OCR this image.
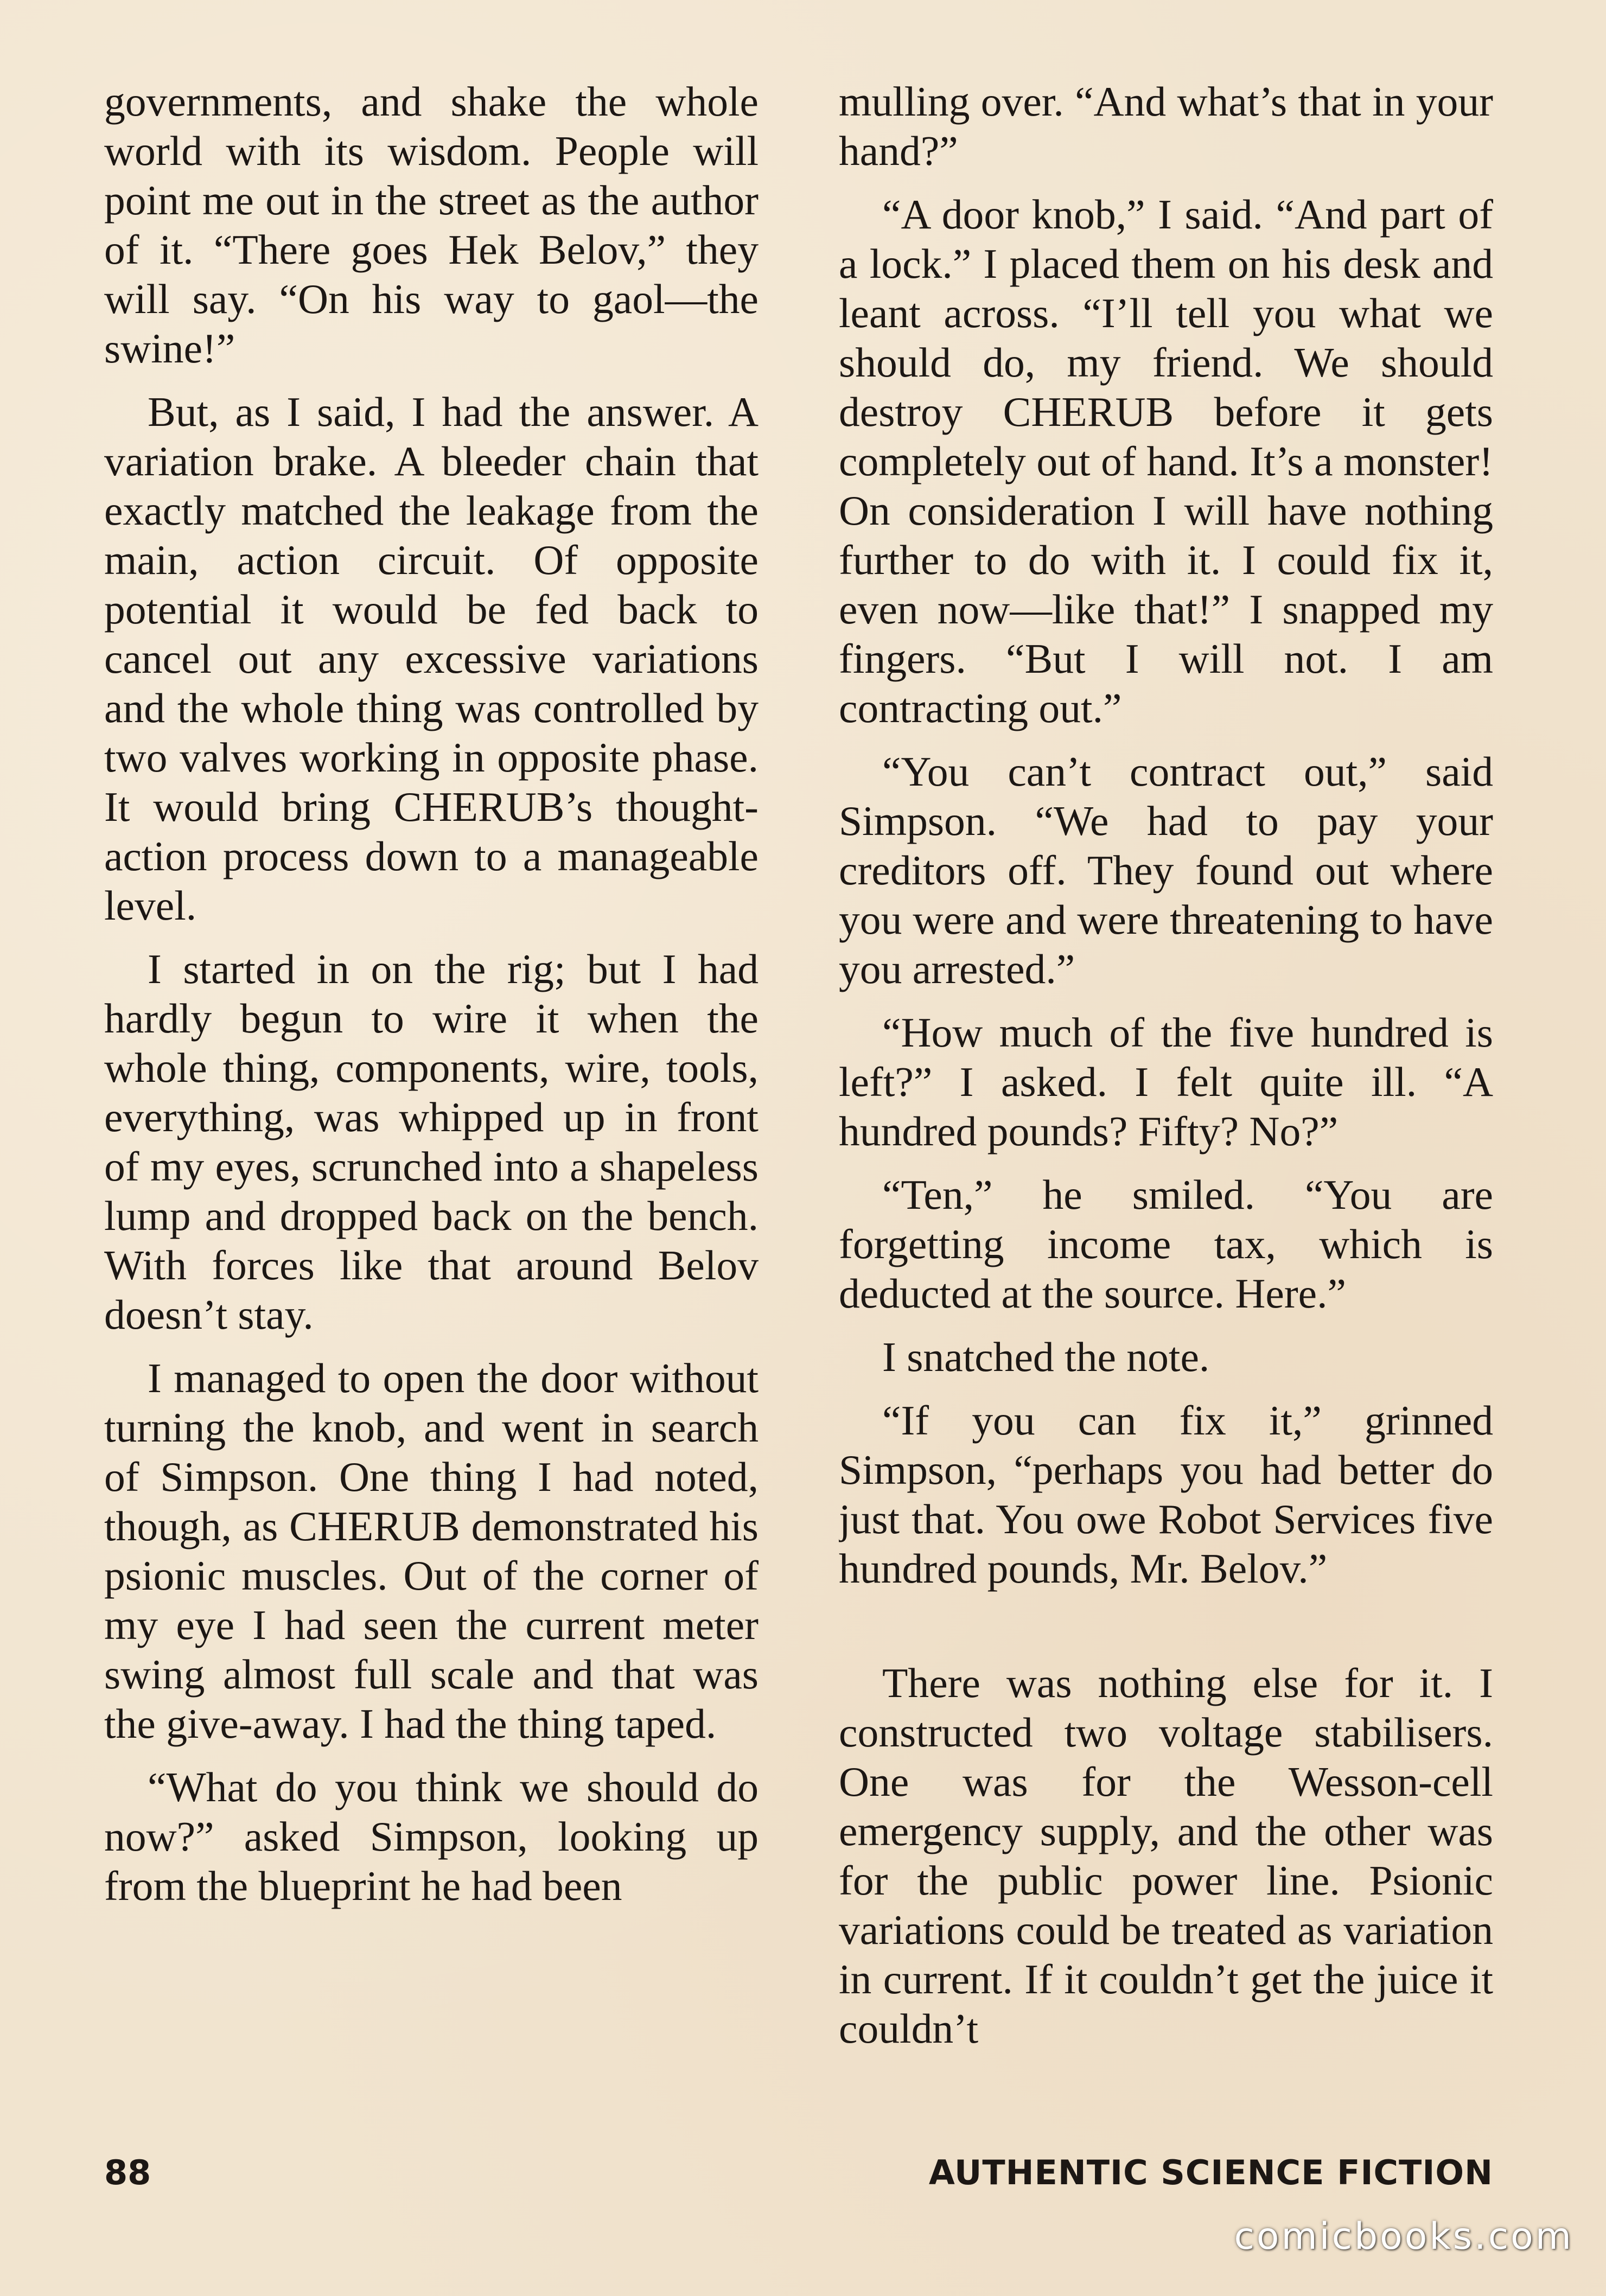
governments, and shake the whole world with its wisdom. People will point me out in the street as the author of it. “There goes Hek Belov,” they will say. “On his way to gaol—the swine!”

But, as I said, I had the answer. A variation brake. A bleeder chain that exactly matched the leakage from the main, action circuit. Of opposite potential it would be fed back to cancel out any excessive variations and the whole thing was controlled by two valves working in opposite phase. It would bring CHERUB’s thought-action process down to a manageable level.

I started in on the rig; but I had hardly begun to wire it when the whole thing, components, wire, tools, everything, was whipped up in front of my eyes, scrunched into a shapeless lump and dropped back on the bench. With forces like that around Belov doesn’t stay.

I managed to open the door without turning the knob, and went in search of Simpson. One thing I had noted, though, as CHERUB demonstrated his psionic muscles. Out of the corner of my eye I had seen the current meter swing almost full scale and that was the give-away. I had the thing taped.

“What do you think we should do now?” asked Simpson, looking up from the blueprint he had been

mulling over. “And what’s that in your hand?”

“A door knob,” I said. “And part of a lock.” I placed them on his desk and leant across. “I’ll tell you what we should do, my friend. We should destroy CHERUB before it gets completely out of hand. It’s a monster! On consideration I will have nothing further to do with it. I could fix it, even now—like that!” I snapped my fingers. “But I will not. I am contracting out.”

“You can’t contract out,” said Simpson. “We had to pay your creditors off. They found out where you were and were threatening to have you arrested.”

“How much of the five hundred is left?” I asked. I felt quite ill. “A hundred pounds? Fifty? No?”

“Ten,” he smiled. “You are forgetting income tax, which is deducted at the source. Here.”

I snatched the note.

“If you can fix it,” grinned Simpson, “perhaps you had better do just that. You owe Robot Services five hundred pounds, Mr. Belov.”

There was nothing else for it. I constructed two voltage stabilisers. One was for the Wesson-cell emergency supply, and the other was for the public power line. Psionic variations could be treated as variation in current. If it couldn’t get the juice it couldn’t

88	AUTHENTIC SCIENCE FICTION
comicbooks.com
